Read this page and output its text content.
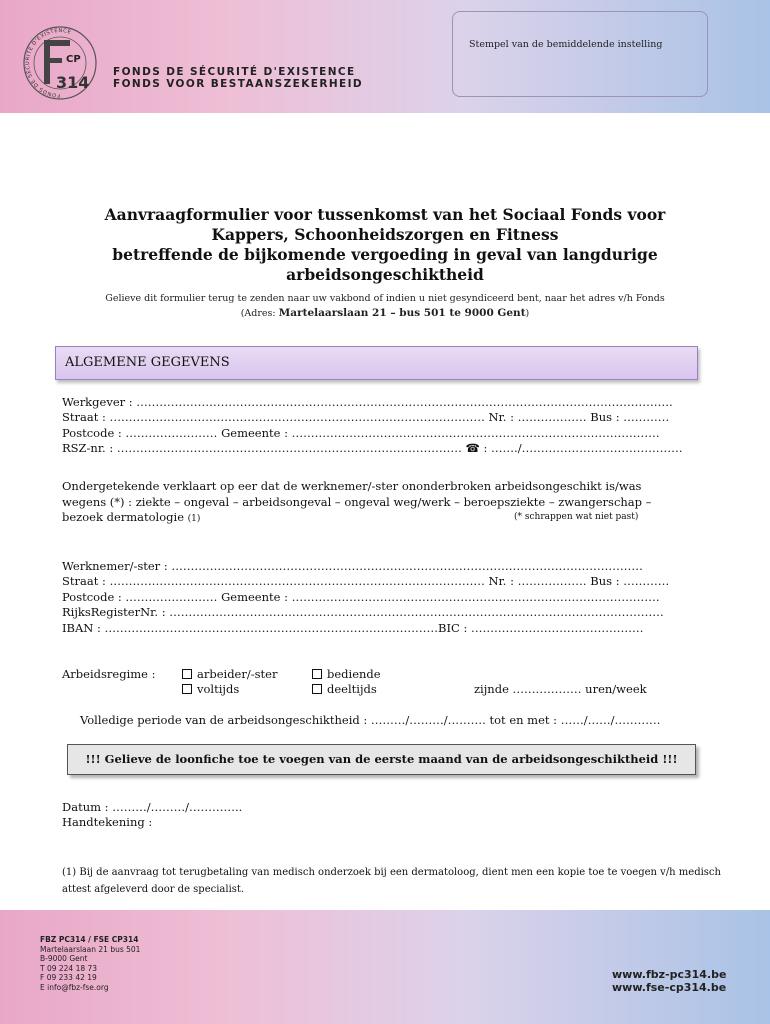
FONDS DE SÉCURITÉ D'EXISTENCE
CP
314
FONDS DE SÉCURITÉ D'EXISTENCE
FONDS VOOR BESTAANSZEKERHEID
Stempel van de bemiddelende instelling
Aanvraagformulier voor tussenkomst van het Sociaal Fonds voor
Kappers, Schoonheidszorgen en Fitness
betreffende de bijkomende vergoeding in geval van langdurige
arbeidsongeschiktheid
Gelieve dit formulier terug te zenden naar uw vakbond of indien u niet gesyndiceerd bent, naar het adres v/h Fonds
(Adres: Martelaarslaan 21 – bus 501 te 9000 Gent)
ALGEMENE GEGEVENS
Werkgever : …………………………………………………………………………………………………………………………..
Straat : ……………….……….…………………………………………………………… Nr. : ……………… Bus : …………
Postcode : …………………… Gemeente : ……………………………………………………………………………………
RSZ-nr. : ……………………………………………………………………………… ☎ : ……./……………………………………
Ondergetekende verklaart op eer dat de werknemer/-ster ononderbroken arbeidsongeschikt is/was
wegens (*) : ziekte – ongeval – arbeidsongeval – ongeval weg/werk – beroepsziekte – zwangerschap –
bezoek dermatologie (1)	(* schrappen wat niet past)
Werknemer/-ster : ……………………………………………………………………………………………………………
Straat : ……………….……….…………………………………………………………… Nr. : ……………… Bus : …………
Postcode : …………………… Gemeente : ……………………………………………………………………………………
RijksRegisterNr. : …………………………………………………………………………………………………………………
IBAN : ……………………………………………………………………………BIC : ………………………………………
Arbeidsregime :	arbeider/-ster	bediende
voltijds	deeltijds	zijnde ……………… uren/week
Volledige periode van de arbeidsongeschiktheid : ………/………/………. tot en met : ……/……/…………
!!! Gelieve de loonfiche toe te voegen van de eerste maand van de arbeidsongeschiktheid !!!
Datum : ………/………/…………..
Handtekening :
(1) Bij de aanvraag tot terugbetaling van medisch onderzoek bij een dermatoloog, dient men een kopie toe te voegen v/h medisch attest afgeleverd door de specialist.
FBZ PC314 / FSE CP314
Martelaarslaan 21 bus 501
B-9000 Gent
T 09 224 18 73
F 09 233 42 19
E info@fbz-fse.org
www.fbz-pc314.be
www.fse-cp314.be
